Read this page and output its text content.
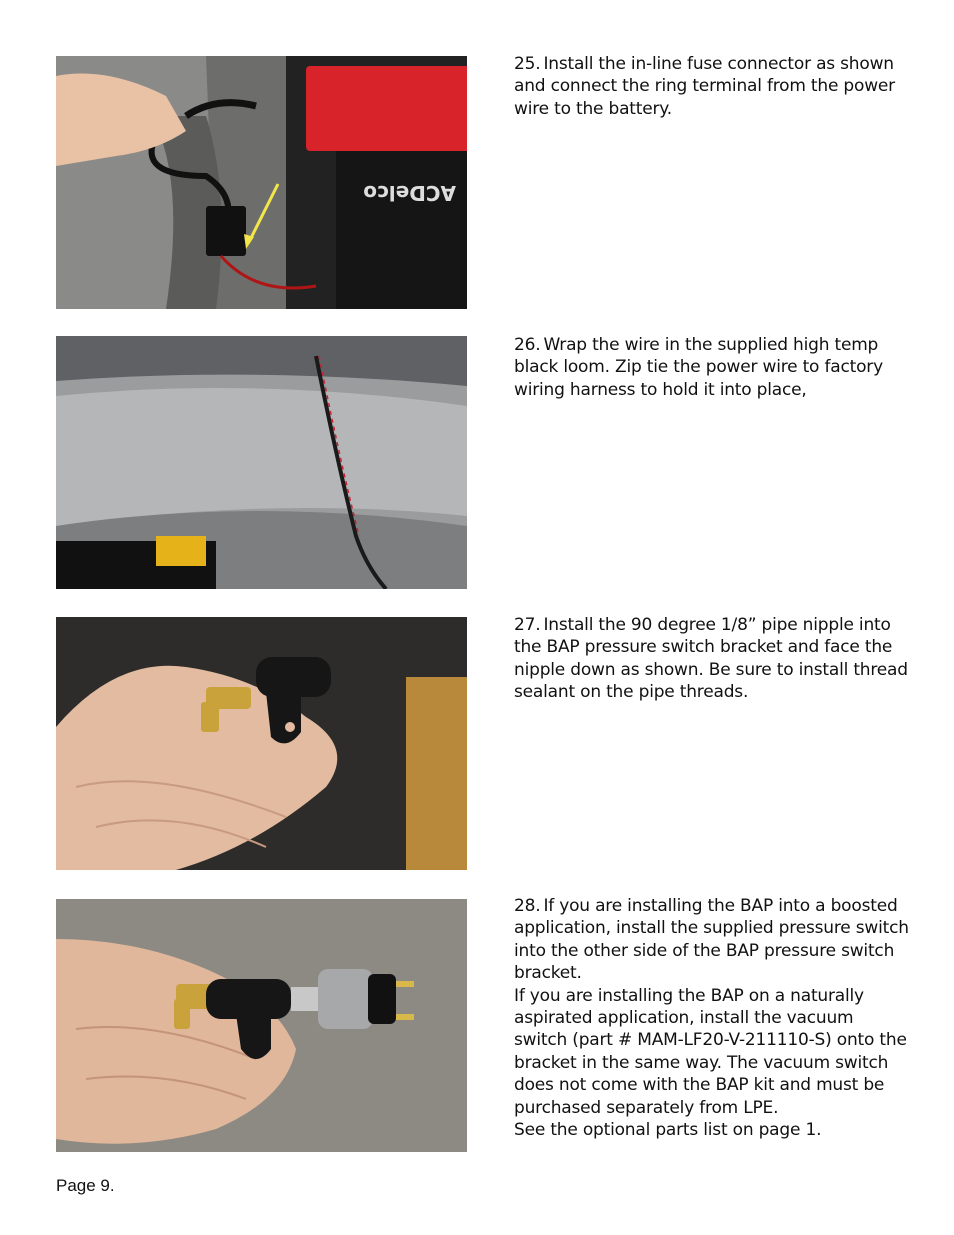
ACDelco

25. Install the in-line fuse connector as shown and connect the ring terminal from the power wire to the battery.

26. Wrap the wire in the supplied high temp black loom. Zip tie the power wire to factory wiring harness to hold it into place,

27. Install the 90 degree 1/8” pipe nipple into the BAP pressure switch bracket and face the nipple down as shown. Be sure to install thread sealant on the pipe threads.

28. If you are installing the BAP into a boosted application, install the supplied pressure switch into the other side of the BAP pressure switch bracket.

If you are installing the BAP on a naturally aspirated application, install the vacuum switch (part # MAM-LF20-V-211110-S) onto the bracket in the same way. The vacuum switch does not come with the BAP kit and must be purchased separately from LPE.

See the optional parts list on page 1.

Page 9.
